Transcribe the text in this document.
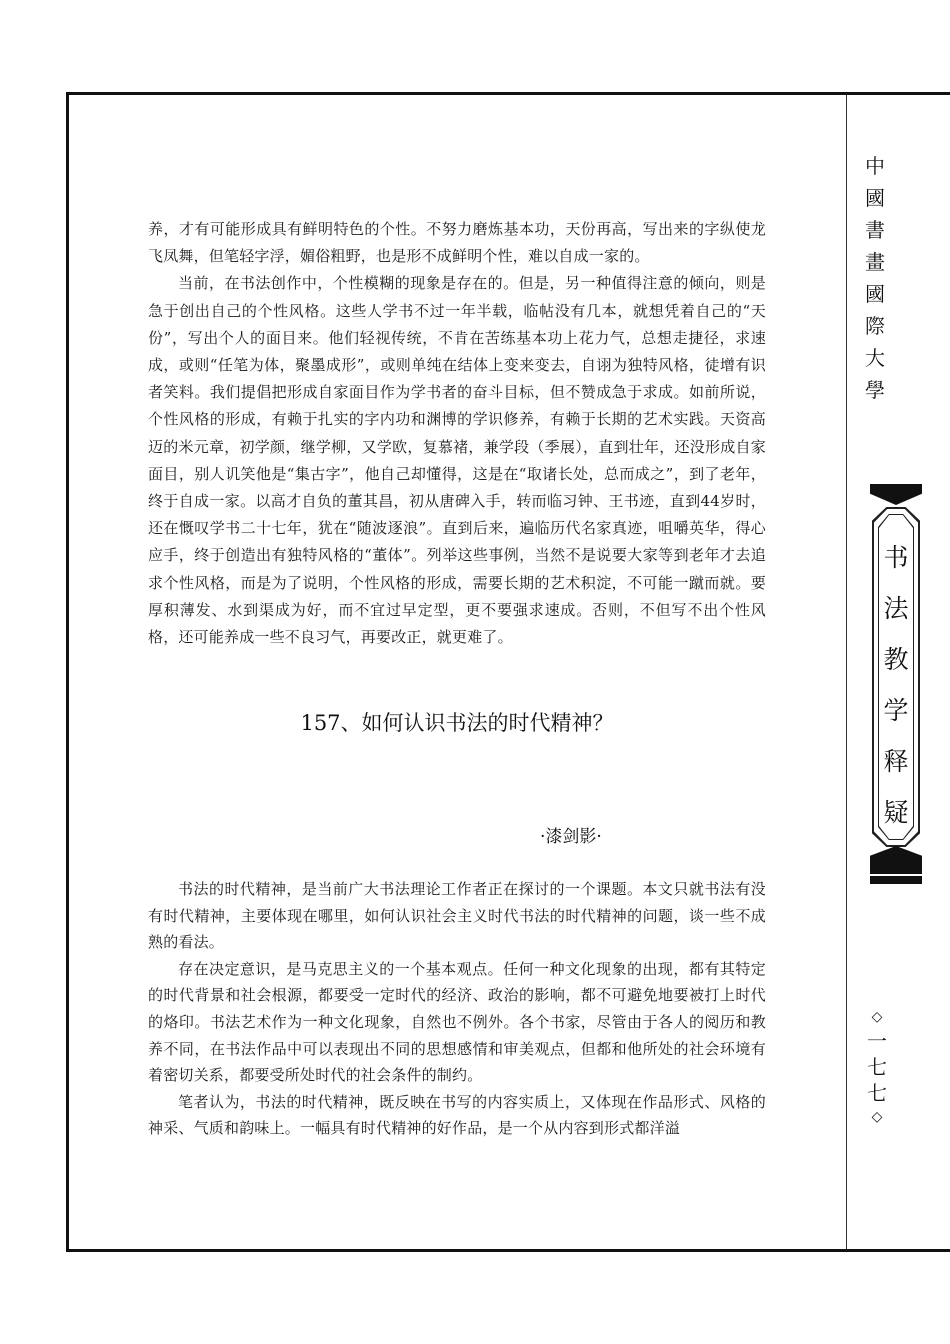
中
國
書
畫
國
際
大
學
书
法
教
学
释
疑
◇
一
七
七
◇

养，才有可能形成具有鲜明特色的个性。不努力磨炼基本功，天份再高，写出来的字纵使龙飞凤舞，但笔轻字浮，媚俗粗野，也是形不成鲜明个性，难以自成一家的。

当前，在书法创作中，个性模糊的现象是存在的。但是，另一种值得注意的倾向，则是急于创出自己的个性风格。这些人学书不过一年半载，临帖没有几本，就想凭着自己的“天份”，写出个人的面目来。他们轻视传统，不肯在苦练基本功上花力气，总想走捷径，求速成，或则“任笔为体，聚墨成形”，或则单纯在结体上变来变去，自诩为独特风格，徒增有识者笑料。我们提倡把形成自家面目作为学书者的奋斗目标，但不赞成急于求成。如前所说，个性风格的形成，有赖于扎实的字内功和渊博的学识修养，有赖于长期的艺术实践。天资高迈的米元章，初学颜，继学柳，又学欧，复慕褚，兼学段（季展），直到壮年，还没形成自家面目，别人讥笑他是“集古字”，他自己却懂得，这是在“取诸长处，总而成之”，到了老年，终于自成一家。以高才自负的董其昌，初从唐碑入手，转而临习钟、王书迹，直到44岁时，还在慨叹学书二十七年，犹在“随波逐浪”。直到后来，遍临历代名家真迹，咀嚼英华，得心应手，终于创造出有独特风格的“董体”。列举这些事例，当然不是说要大家等到老年才去追求个性风格，而是为了说明，个性风格的形成，需要长期的艺术积淀，不可能一蹴而就。要厚积薄发、水到渠成为好，而不宜过早定型，更不要强求速成。否则，不但写不出个性风格，还可能养成一些不良习气，再要改正，就更难了。

157、如何认识书法的时代精神？
·漆剑影·

书法的时代精神，是当前广大书法理论工作者正在探讨的一个课题。本文只就书法有没有时代精神，主要体现在哪里，如何认识社会主义时代书法的时代精神的问题，谈一些不成熟的看法。

存在决定意识，是马克思主义的一个基本观点。任何一种文化现象的出现，都有其特定的时代背景和社会根源，都要受一定时代的经济、政治的影响，都不可避免地要被打上时代的烙印。书法艺术作为一种文化现象，自然也不例外。各个书家，尽管由于各人的阅历和教养不同，在书法作品中可以表现出不同的思想感情和审美观点，但都和他所处的社会环境有着密切关系，都要受所处时代的社会条件的制约。

笔者认为，书法的时代精神，既反映在书写的内容实质上，又体现在作品形式、风格的神采、气质和韵味上。一幅具有时代精神的好作品，是一个从内容到形式都洋溢
